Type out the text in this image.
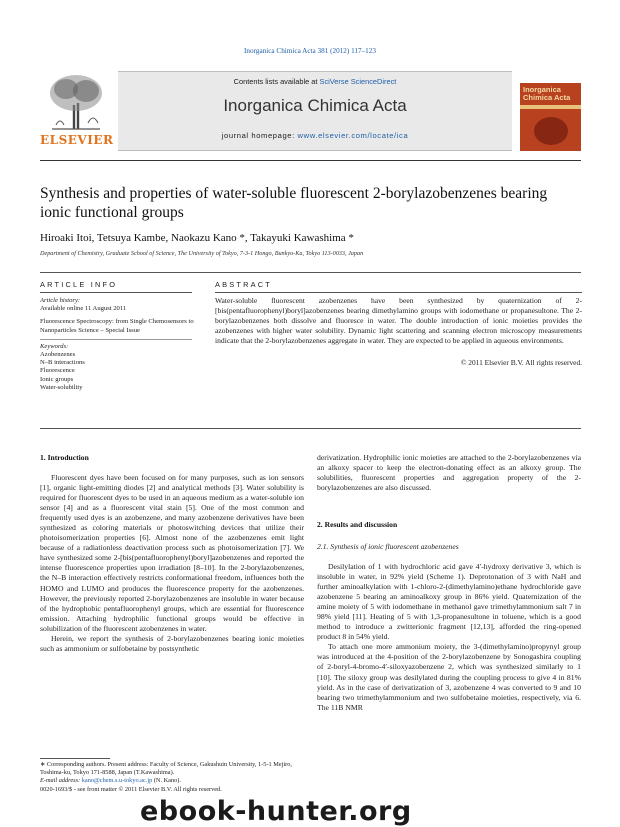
Inorganica Chimica Acta 381 (2012) 117–123
ELSEVIER
Contents lists available at SciVerse ScienceDirect
Inorganica Chimica Acta
journal homepage: www.elsevier.com/locate/ica
Inorganica Chimica Acta
Synthesis and properties of water-soluble fluorescent 2-borylazobenzenes bearing ionic functional groups
Hiroaki Itoi, Tetsuya Kambe, Naokazu Kano *, Takayuki Kawashima *
Department of Chemistry, Graduate School of Science, The University of Tokyo, 7-3-1 Hongo, Bunkyo-Ku, Tokyo 113-0033, Japan
ARTICLE INFO	ABSTRACT
Article history:
Available online 11 August 2011
Fluorescence Spectroscopy: from Single Chemosensors to Nanoparticles Science – Special Issue
Keywords:
Azobenzenes
N–B interactions
Fluorescence
Ionic groups
Water-solubility
Water-soluble fluorescent azobenzenes have been synthesized by quaternization of 2-[bis(pentafluorophenyl)boryl]azobenzenes bearing dimethylamino groups with iodomethane or propanesultone. The 2-borylazobenzenes both dissolve and fluoresce in water. The double introduction of ionic moieties provides the azobenzenes with higher water solubility. Dynamic light scattering and scanning electron microscopy measurements indicate that the 2-borylazobenzenes aggregate in water. They are expected to be applied in aqueous environments.
© 2011 Elsevier B.V. All rights reserved.
1. Introduction

Fluorescent dyes have been focused on for many purposes, such as ion sensors [1], organic light-emitting diodes [2] and analytical methods [3]. Water solubility is required for fluorescent dyes to be used in an aqueous medium as a water-soluble ion sensor [4] and as a fluorescent vital stain [5]. One of the most common and frequently used dyes is an azobenzene, and many azobenzene derivatives have been synthesized as coloring materials or photoswitching devices that utilize their photoisomerization properties [6]. Almost none of the azobenzenes emit light because of a radiationless deactivation process such as photoisomerization [7]. We have synthesized some 2-[bis(pentafluorophenyl)boryl]azobenzenes and reported the intense fluorescence properties upon irradiation [8–10]. In the 2-borylazobenzenes, the N–B interaction effectively restricts conformational freedom, influences both the HOMO and LUMO and produces the fluorescence property for the azobenzenes. However, the previously reported 2-borylazobenzenes are insoluble in water because of the hydrophobic pentafluorophenyl groups, which are essential for fluorescence emission. Attaching hydrophilic functional groups would be effective in solubilization of the fluorescent azobenzenes in water.

Herein, we report the synthesis of 2-borylazobenzenes bearing ionic moieties such as ammonium or sulfobetaine by postsynthetic

derivatization. Hydrophilic ionic moieties are attached to the 2-borylazobenzenes via an alkoxy spacer to keep the electron-donating effect as an alkoxy group. The solubilities, fluorescent properties and aggregation property of the 2-borylazobenzenes are also discussed.

2. Results and discussion
2.1. Synthesis of ionic fluorescent azobenzenes

Desilylation of 1 with hydrochloric acid gave 4′-hydroxy derivative 3, which is insoluble in water, in 92% yield (Scheme 1). Deprotonation of 3 with NaH and further aminoalkylation with 1-chloro-2-(dimethylamino)ethane hydrochloride gave azobenzene 5 bearing an aminoalkoxy group in 86% yield. Quaternization of the amine moiety of 5 with iodomethane in methanol gave trimethylammonium salt 7 in 98% yield [11]. Heating of 5 with 1,3-propanesultone in toluene, which is a good method to introduce a zwitterionic fragment [12,13], afforded the ring-opened product 8 in 54% yield.

To attach one more ammonium moiety, the 3-(dimethylamino)propynyl group was introduced at the 4-position of the 2-borylazobenzene by Sonogashira coupling of 2-boryl-4-bromo-4′-siloxyazobenzene 2, which was synthesized similarly to 1 [10]. The siloxy group was desilylated during the coupling process to give 4 in 81% yield. As in the case of derivatization of 3, azobenzene 4 was converted to 9 and 10 bearing two trimethylammonium and two sulfobetaine moieties, respectively, via 6. The 11B NMR

∗ Corresponding authors. Present address: Faculty of Science, Gakushuin University, 1-5-1 Mejiro, Toshima-ku, Tokyo 171-8588, Japan (T.Kawashima).
E-mail address: kano@chem.s.u-tokyo.ac.jp (N. Kano).
0020-1693/$ - see front matter © 2011 Elsevier B.V. All rights reserved.
ebook-hunter.org
